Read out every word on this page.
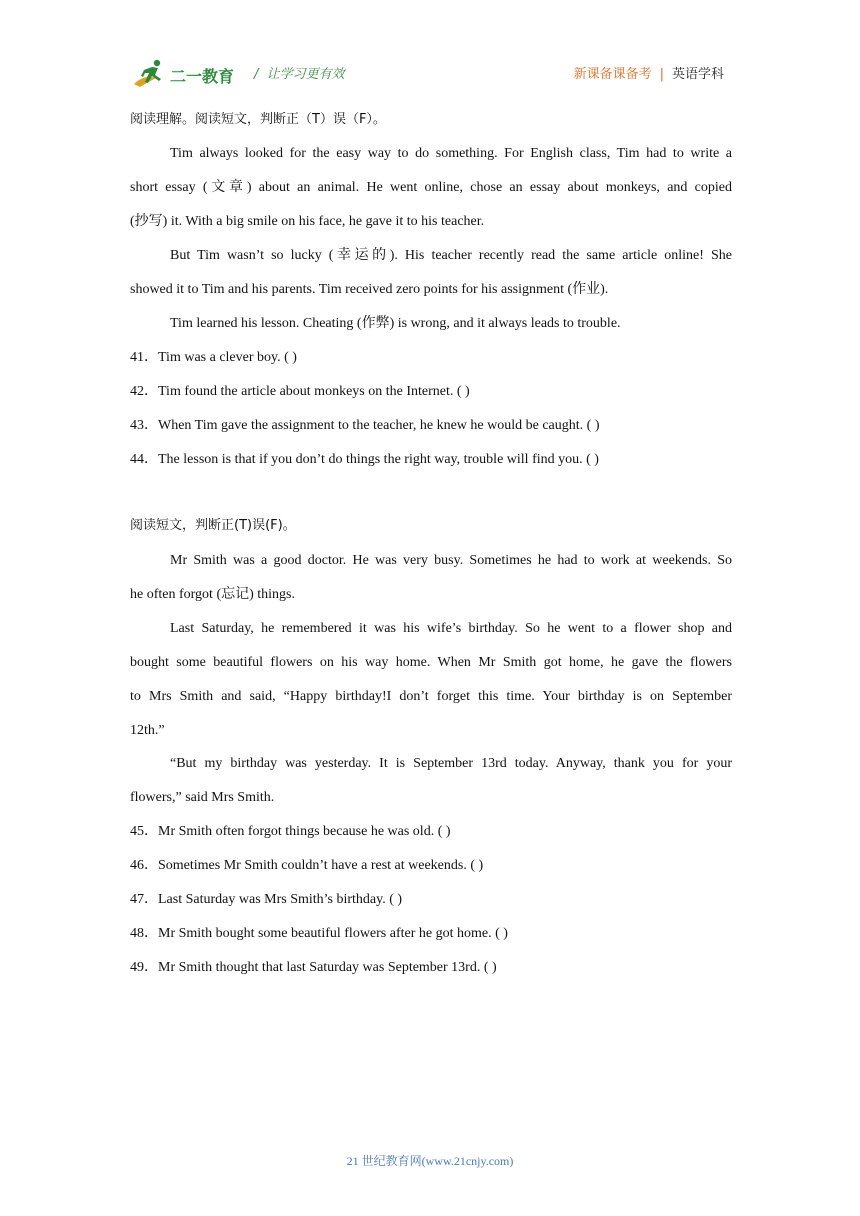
二一教育 /  让学习更有效	新课备课备考 | 英语学科
阅读理解。阅读短文，判断正（T）误（F）。
Tim always looked for the easy way to do something. For English class, Tim had to write a
short essay (文章) about an animal. He went online, chose an essay about monkeys, and copied
(抄写) it. With a big smile on his face, he gave it to his teacher.
But Tim wasn’t so lucky (幸运的). His teacher recently read the same article online! She
showed it to Tim and his parents. Tim received zero points for his assignment (作业).
Tim learned his lesson. Cheating (作弊) is wrong, and it always leads to trouble.
41．Tim was a clever boy. ( )
42．Tim found the article about monkeys on the Internet. ( )
43．When Tim gave the assignment to the teacher, he knew he would be caught. ( )
44．The lesson is that if you don’t do things the right way, trouble will find you. ( )
阅读短文，判断正(T)误(F)。
Mr Smith was a good doctor. He was very busy. Sometimes he had to work at weekends. So
he often forgot (忘记) things.
Last Saturday, he remembered it was his wife’s birthday. So he went to a flower shop and
bought some beautiful flowers on his way home. When Mr Smith got home, he gave the flowers
to Mrs Smith and said, “Happy birthday!I don’t forget this time. Your birthday is on September
12th.”
“But my birthday was yesterday. It is September 13rd today. Anyway, thank you for your
flowers,” said Mrs Smith.
45．Mr Smith often forgot things because he was old. ( )
46．Sometimes Mr Smith couldn’t have a rest at weekends. ( )
47．Last Saturday was Mrs Smith’s birthday. ( )
48．Mr Smith bought some beautiful flowers after he got home. ( )
49．Mr Smith thought that last Saturday was September 13rd. ( )
21 世纪教育网(www.21cnjy.com)
